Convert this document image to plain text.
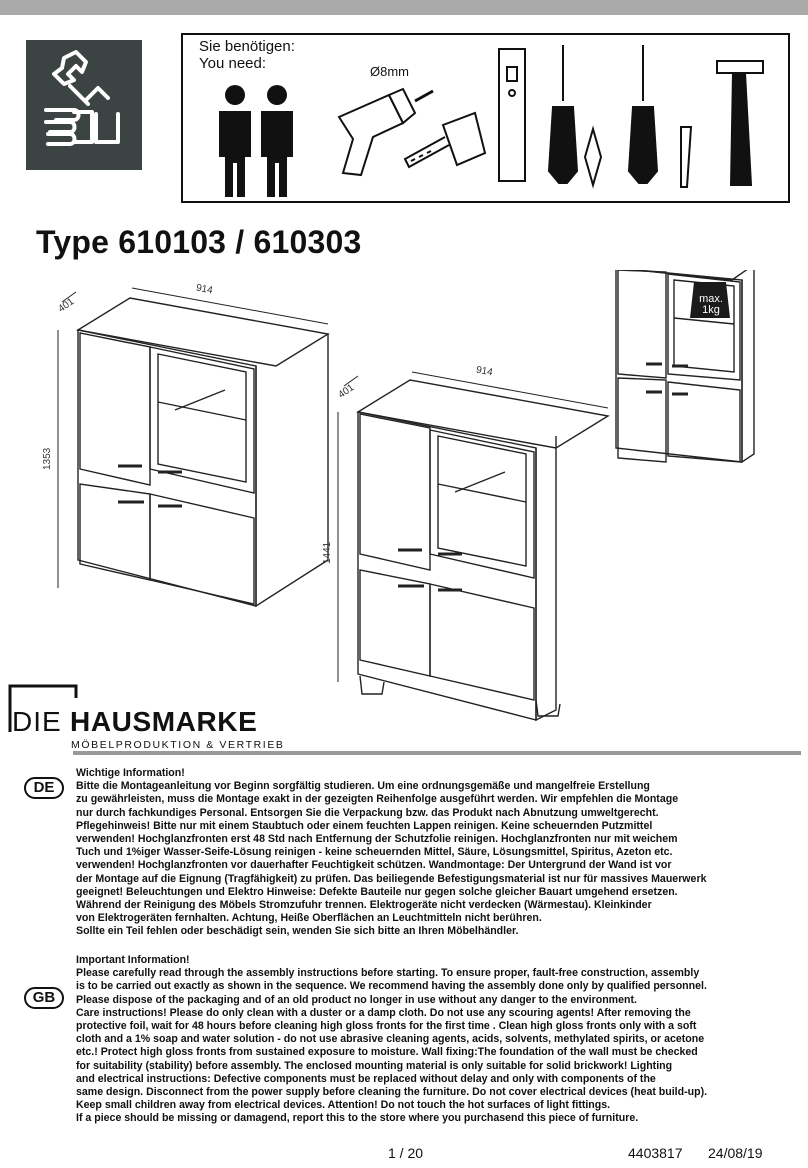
Sie benötigen:
You need:	Ø8mm
Type 610103 / 610303
401
914
1353
401
914
1441
max.
20 kg
max.
1kg
DIE HAUSMARKE
MÖBELPRODUKTION & VERTRIEB
DE
Wichtige Information!
Bitte die Montageanleitung vor Beginn sorgfältig studieren. Um eine ordnungsgemäße und mangelfreie Erstellung
zu gewährleisten, muss die Montage exakt in der gezeigten Reihenfolge ausgeführt werden. Wir empfehlen die Montage
nur durch fachkundiges Personal. Entsorgen Sie die Verpackung bzw. das Produkt nach Abnutzung umweltgerecht.
Pflegehinweis! Bitte nur mit einem Staubtuch oder einem feuchten Lappen reinigen. Keine scheuernden Putzmittel
verwenden! Hochglanzfronten erst 48 Std nach Entfernung der Schutzfolie reinigen. Hochglanzfronten nur mit weichem
Tuch und 1%iger Wasser-Seife-Lösung reinigen - keine scheuernden Mittel, Säure, Lösungsmittel, Spiritus, Azeton etc.
verwenden! Hochglanzfronten vor dauerhafter Feuchtigkeit schützen. Wandmontage: Der Untergrund der Wand ist vor
der Montage auf die Eignung (Tragfähigkeit) zu prüfen. Das beiliegende Befestigungsmaterial ist nur für massives Mauerwerk
geeignet! Beleuchtungen und Elektro Hinweise: Defekte Bauteile nur gegen solche gleicher Bauart umgehend ersetzen.
Während der Reinigung des Möbels Stromzufuhr trennen. Elektrogeräte nicht verdecken (Wärmestau). Kleinkinder
von Elektrogeräten fernhalten. Achtung, Heiße Oberflächen an Leuchtmitteln nicht berühren.
Sollte ein Teil fehlen oder beschädigt sein, wenden Sie sich bitte an Ihren Möbelhändler.
GB
Important Information!
Please carefully read through the assembly instructions before starting. To ensure proper, fault-free construction, assembly
is to be carried out exactly as shown in the sequence. We recommend having the assembly done only by qualified personnel.
Please dispose of the packaging and of an old product no longer in use without any danger to the environment.
Care instructions! Please do only clean with a duster or a damp cloth. Do not use any scouring agents! After removing the
protective foil, wait for 48 hours before cleaning high gloss fronts for the first time . Clean high gloss fronts only with a soft
cloth and a 1% soap and water solution - do not use abrasive cleaning agents, acids, solvents, methylated spirits, or acetone
etc.! Protect high gloss fronts from sustained exposure to moisture. Wall fixing:The foundation of the wall must be checked
for suitability (stability) before assembly. The enclosed mounting material is only suitable for solid brickwork! Lighting
and electrical instructions: Defective components must be replaced without delay and only with components of the
same design. Disconnect from the power supply before cleaning the furniture. Do not cover electrical devices (heat build-up).
Keep small children away from electrical devices. Attention! Do not touch the hot surfaces of light fittings.
If a piece should be missing or damagend, report this to the store where you purchasend this piece of furniture.
1 / 20	4403817 24/08/19
